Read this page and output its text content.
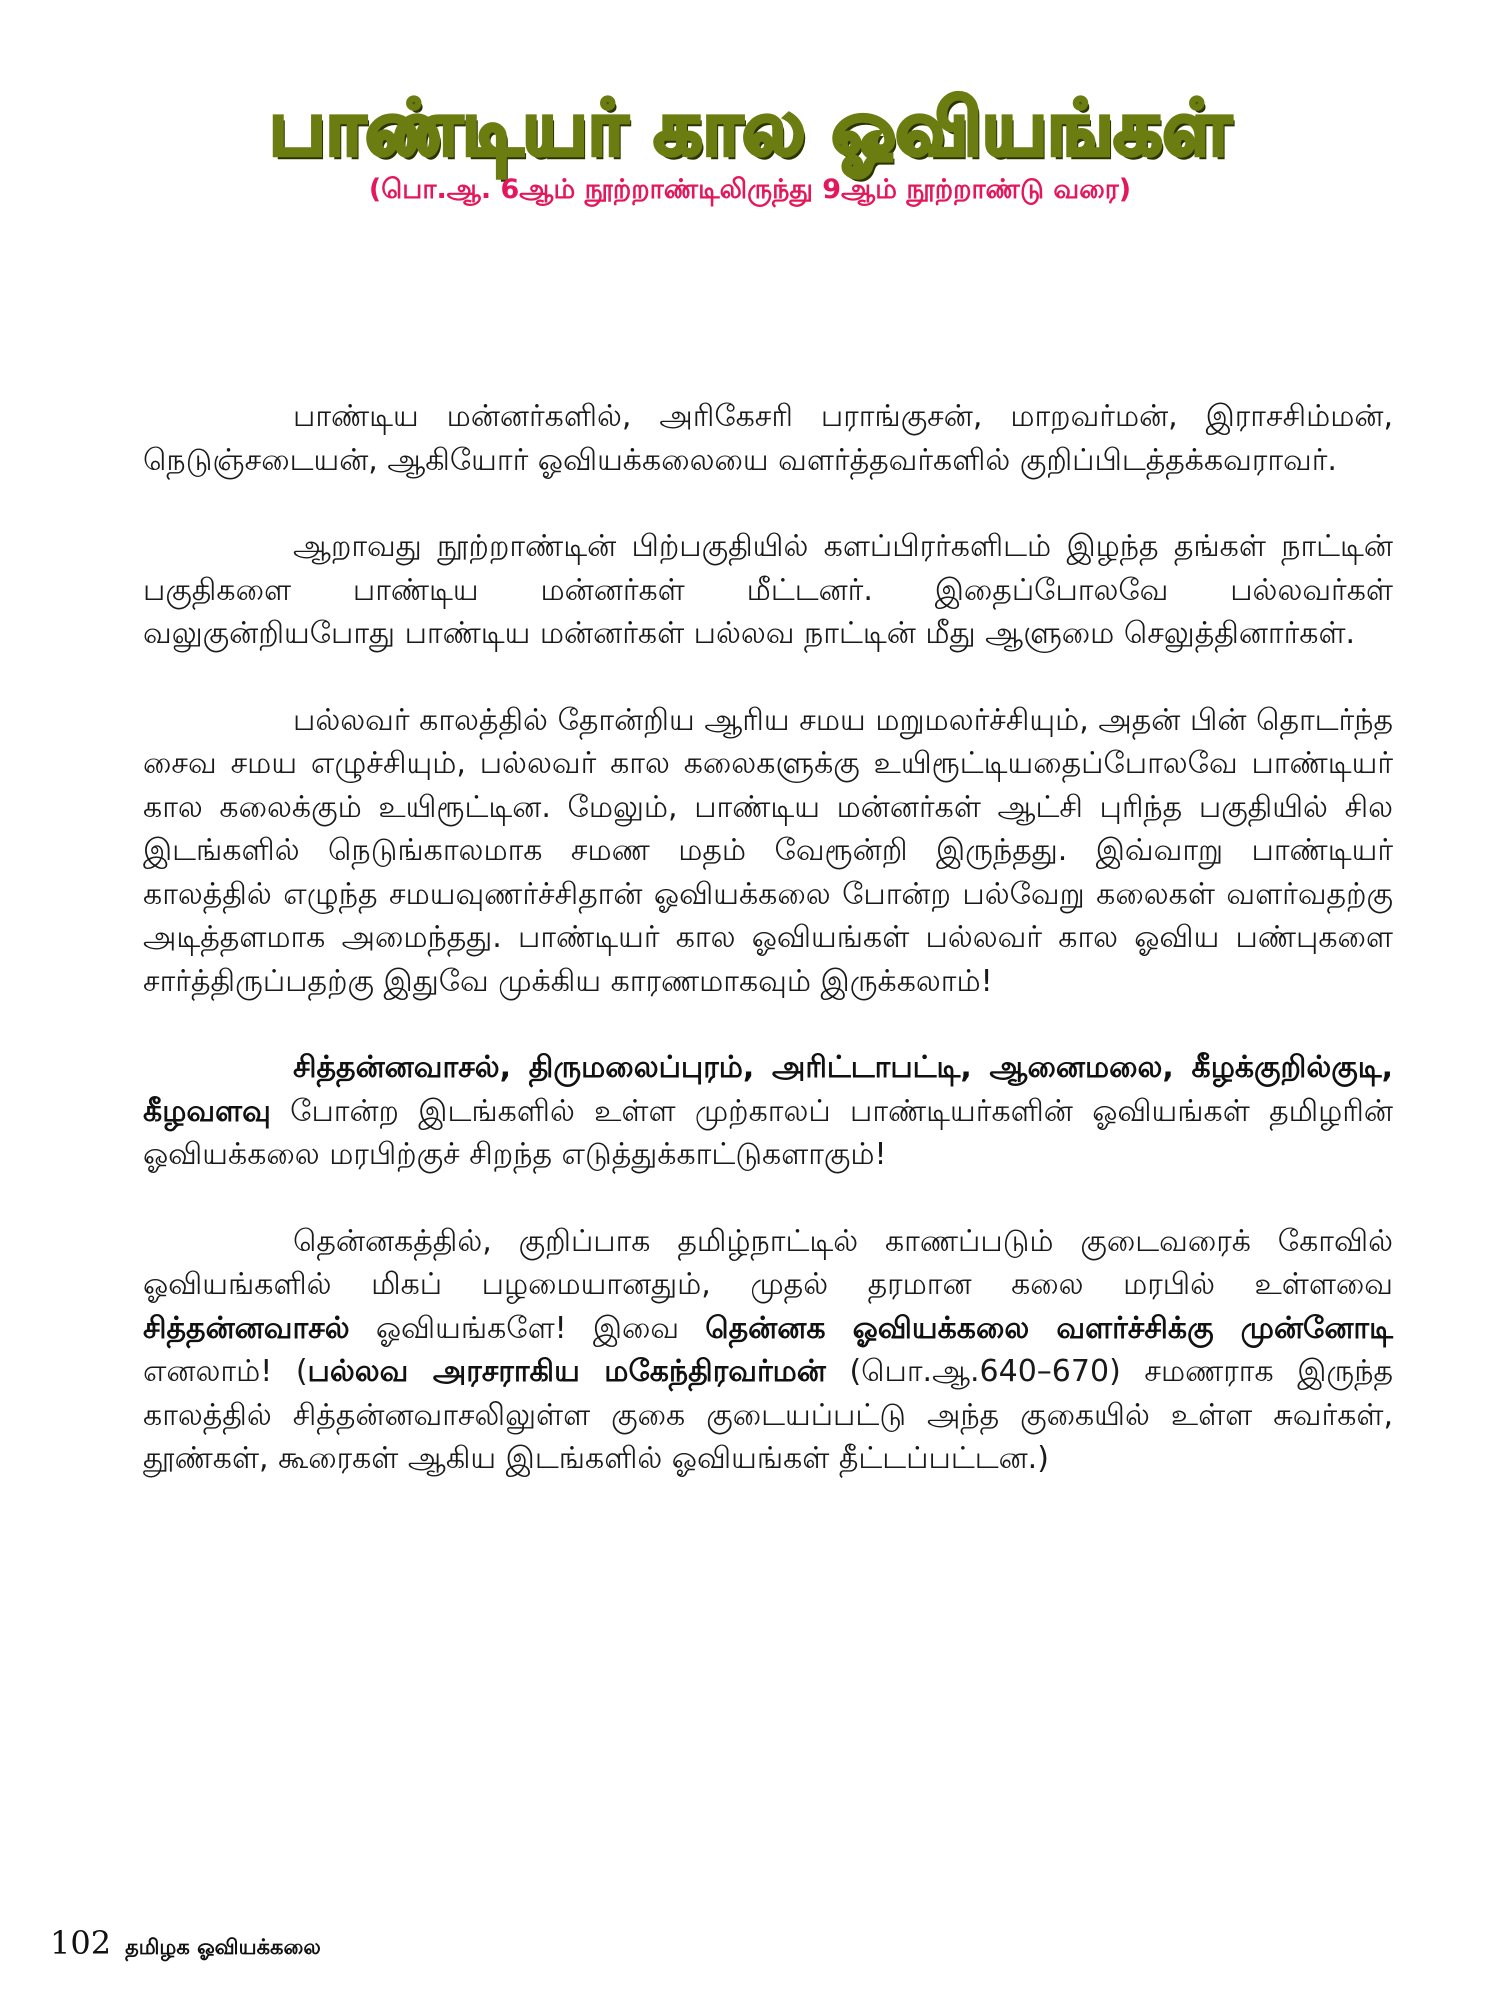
பாண்டியர் கால ஓவியங்கள்
(பொ.ஆ. 6ஆம் நூற்றாண்டிலிருந்து 9ஆம் நூற்றாண்டு வரை)

பாண்டிய மன்னர்களில், அரிகேசரி பராங்குசன், மாறவர்மன், இராசசிம்மன், நெடுஞ்சடையன், ஆகியோர் ஓவியக்கலையை வளர்த்தவர்களில் குறிப்பிடத்தக்கவராவர்.

ஆறாவது நூற்றாண்டின் பிற்பகுதியில் களப்பிரர்களிடம் இழந்த தங்கள் நாட்டின் பகுதிகளை பாண்டிய மன்னர்கள் மீட்டனர். இதைப்போலவே பல்லவர்கள் வலுகுன்றியபோது பாண்டிய மன்னர்கள் பல்லவ நாட்டின் மீது ஆளுமை செலுத்தினார்கள்.

பல்லவர் காலத்தில் தோன்றிய ஆரிய சமய மறுமலர்ச்சியும், அதன் பின் தொடர்ந்த சைவ சமய எழுச்சியும், பல்லவர் கால கலைகளுக்கு உயிரூட்டியதைப்போலவே பாண்டியர் கால கலைக்கும் உயிரூட்டின. மேலும், பாண்டிய மன்னர்கள் ஆட்சி புரிந்த பகுதியில் சில இடங்களில் நெடுங்காலமாக சமண மதம் வேரூன்றி இருந்தது. இவ்வாறு பாண்டியர் காலத்தில் எழுந்த சமயவுணர்ச்சிதான் ஓவியக்கலை போன்ற பல்வேறு கலைகள் வளர்வதற்கு அடித்தளமாக அமைந்தது. பாண்டியர் கால ஓவியங்கள் பல்லவர் கால ஓவிய பண்புகளை சார்த்திருப்பதற்கு இதுவே முக்கிய காரணமாகவும் இருக்கலாம்!

சித்தன்னவாசல், திருமலைப்புரம், அரிட்டாபட்டி, ஆனைமலை, கீழக்குறில்குடி, கீழவளவு போன்ற இடங்களில் உள்ள முற்காலப் பாண்டியர்களின் ஓவியங்கள் தமிழரின் ஓவியக்கலை மரபிற்குச் சிறந்த எடுத்துக்காட்டுகளாகும்!

தென்னகத்தில், குறிப்பாக தமிழ்நாட்டில் காணப்படும் குடைவரைக் கோவில் ஓவியங்களில் மிகப் பழமையானதும், முதல் தரமான கலை மரபில் உள்ளவை சித்தன்னவாசல் ஓவியங்களே! இவை தென்னக ஓவியக்கலை வளர்ச்சிக்கு முன்னோடி எனலாம்! (பல்லவ அரசராகிய மகேந்திரவர்மன் (பொ.ஆ.640–670) சமணராக இருந்த காலத்தில் சித்தன்னவாசலிலுள்ள குகை குடையப்பட்டு அந்த குகையில் உள்ள சுவர்கள், தூண்கள், கூரைகள் ஆகிய இடங்களில் ஓவியங்கள் தீட்டப்பட்டன.)

102 தமிழக ஓவியக்கலை
